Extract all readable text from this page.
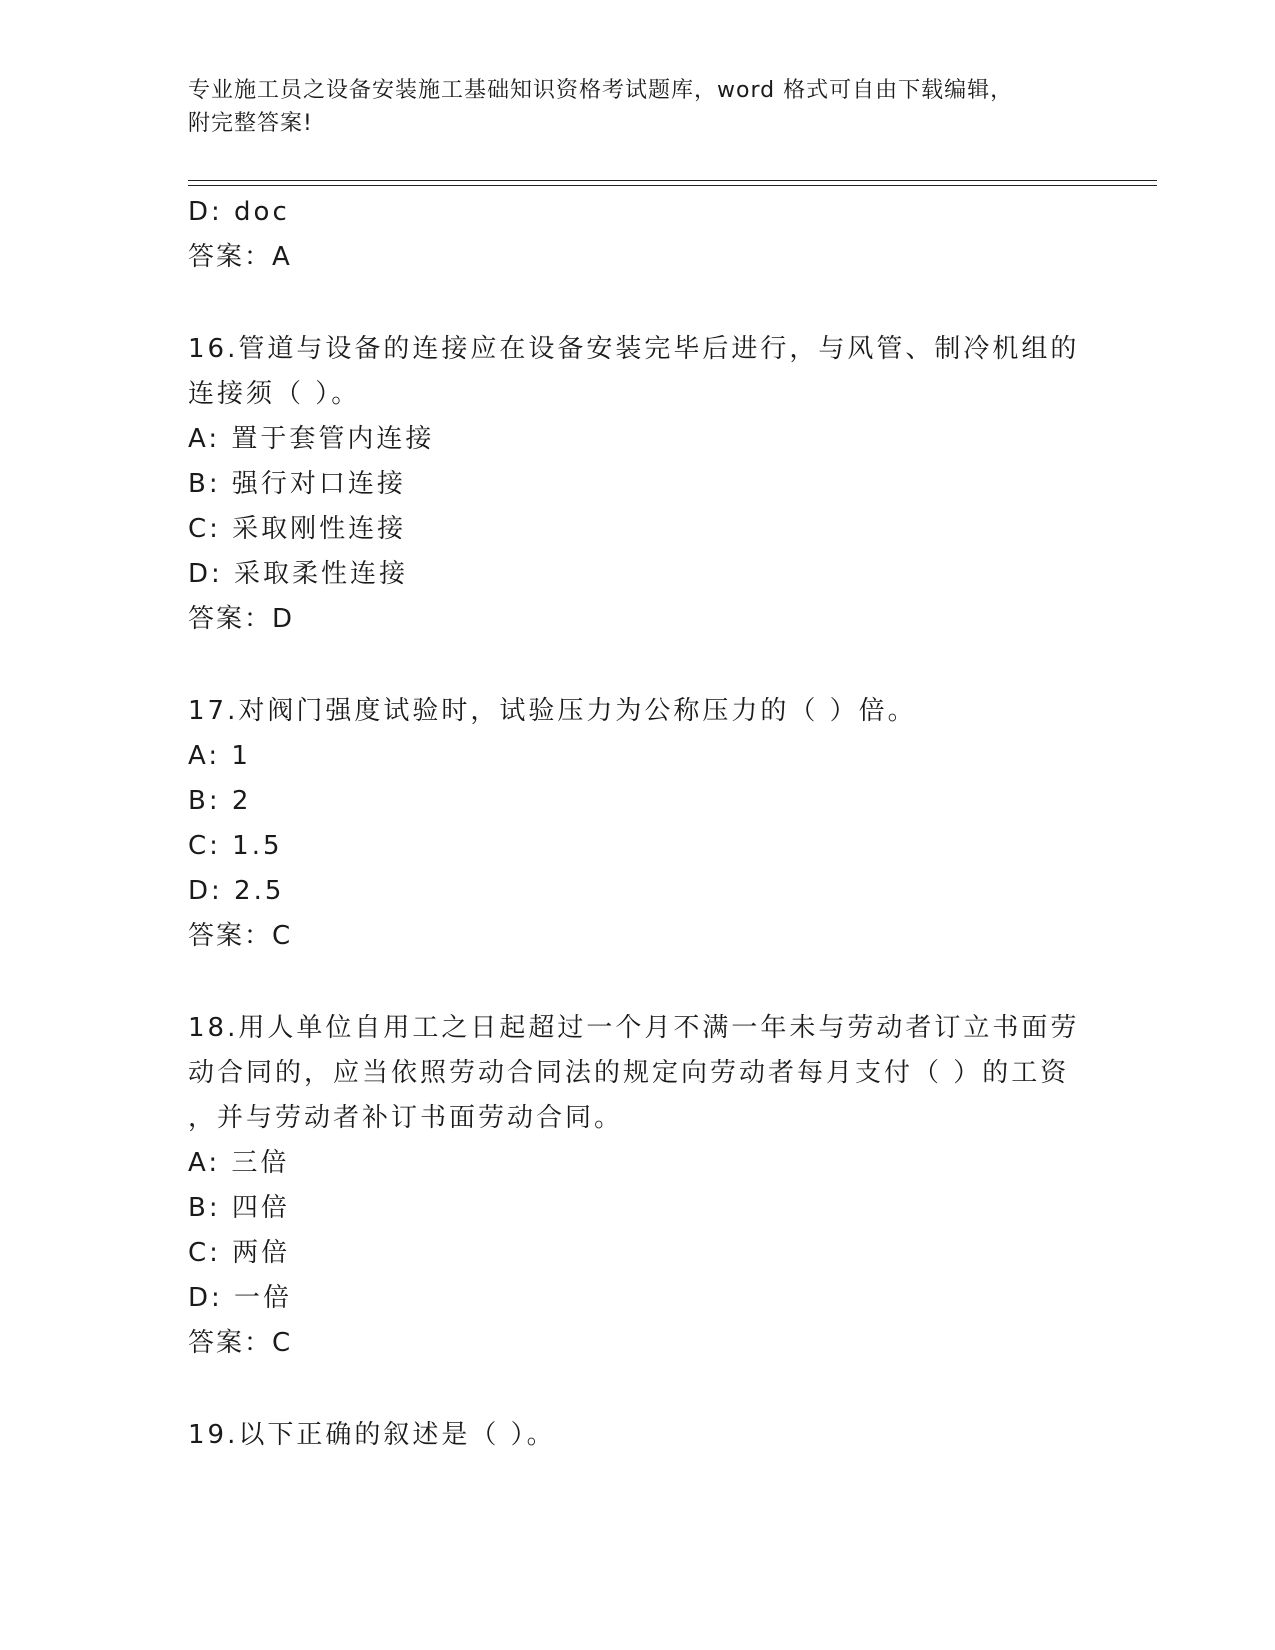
专业施工员之设备安装施工基础知识资格考试题库，word 格式可自由下载编辑，
附完整答案!
D: doc
答案：A
16.管道与设备的连接应在设备安装完毕后进行，与风管、制冷机组的
连接须（ ）。
A: 置于套管内连接
B: 强行对口连接
C: 采取刚性连接
D: 采取柔性连接
答案：D
17.对阀门强度试验时，试验压力为公称压力的（ ）倍。
A: 1
B: 2
C: 1.5
D: 2.5
答案：C
18.用人单位自用工之日起超过一个月不满一年未与劳动者订立书面劳
动合同的，应当依照劳动合同法的规定向劳动者每月支付（ ）的工资
，并与劳动者补订书面劳动合同。
A: 三倍
B: 四倍
C: 两倍
D: 一倍
答案：C
19.以下正确的叙述是（ ）。
